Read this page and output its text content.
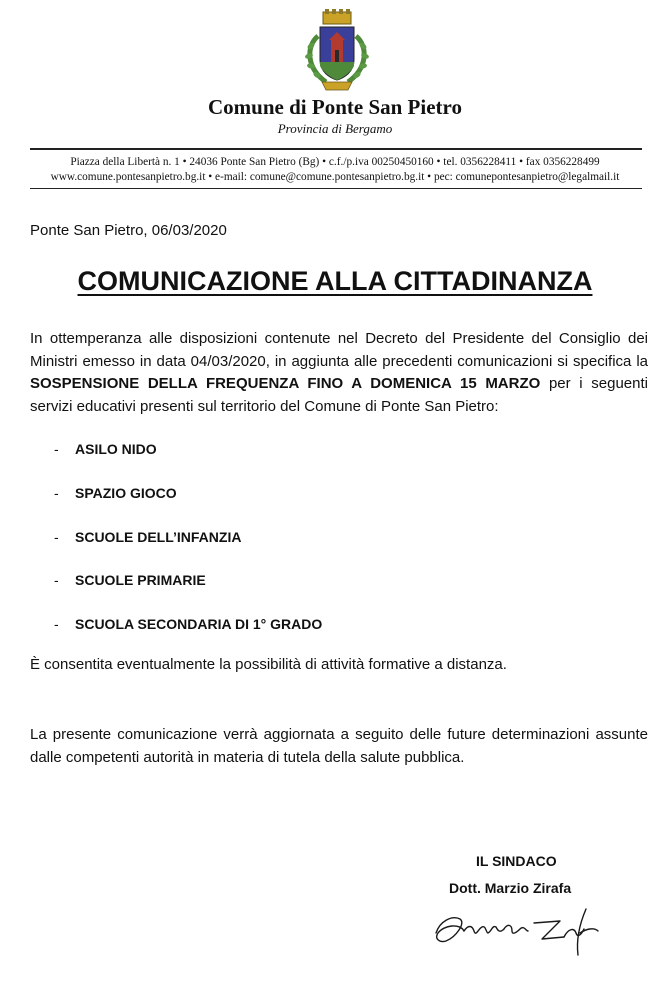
Comune di Ponte San Pietro
Provincia di Bergamo
Piazza della Libertà n. 1 • 24036 Ponte San Pietro (Bg) • c.f./p.iva 00250450160 • tel. 0356228411 • fax 0356228499
www.comune.pontesanpietro.bg.it • e-mail: comune@comune.pontesanpietro.bg.it • pec: comunepontesanpietro@legalmail.it
Ponte San Pietro, 06/03/2020
COMUNICAZIONE ALLA CITTADINANZA

In ottemperanza alle disposizioni contenute nel Decreto del Presidente del Consiglio dei Ministri emesso in data 04/03/2020, in aggiunta alle precedenti comunicazioni si specifica la SOSPENSIONE DELLA FREQUENZA FINO A DOMENICA 15 MARZO per i seguenti servizi educativi presenti sul territorio del Comune di Ponte San Pietro:

- ASILO NIDO
- SPAZIO GIOCO
- SCUOLE DELL’INFANZIA
- SCUOLE PRIMARIE
- SCUOLA SECONDARIA DI 1° GRADO

È consentita eventualmente la possibilità di attività formative a distanza.

La presente comunicazione verrà aggiornata a seguito delle future determinazioni assunte dalle competenti autorità in materia di tutela della salute pubblica.

IL SINDACO
Dott. Marzio Zirafa
